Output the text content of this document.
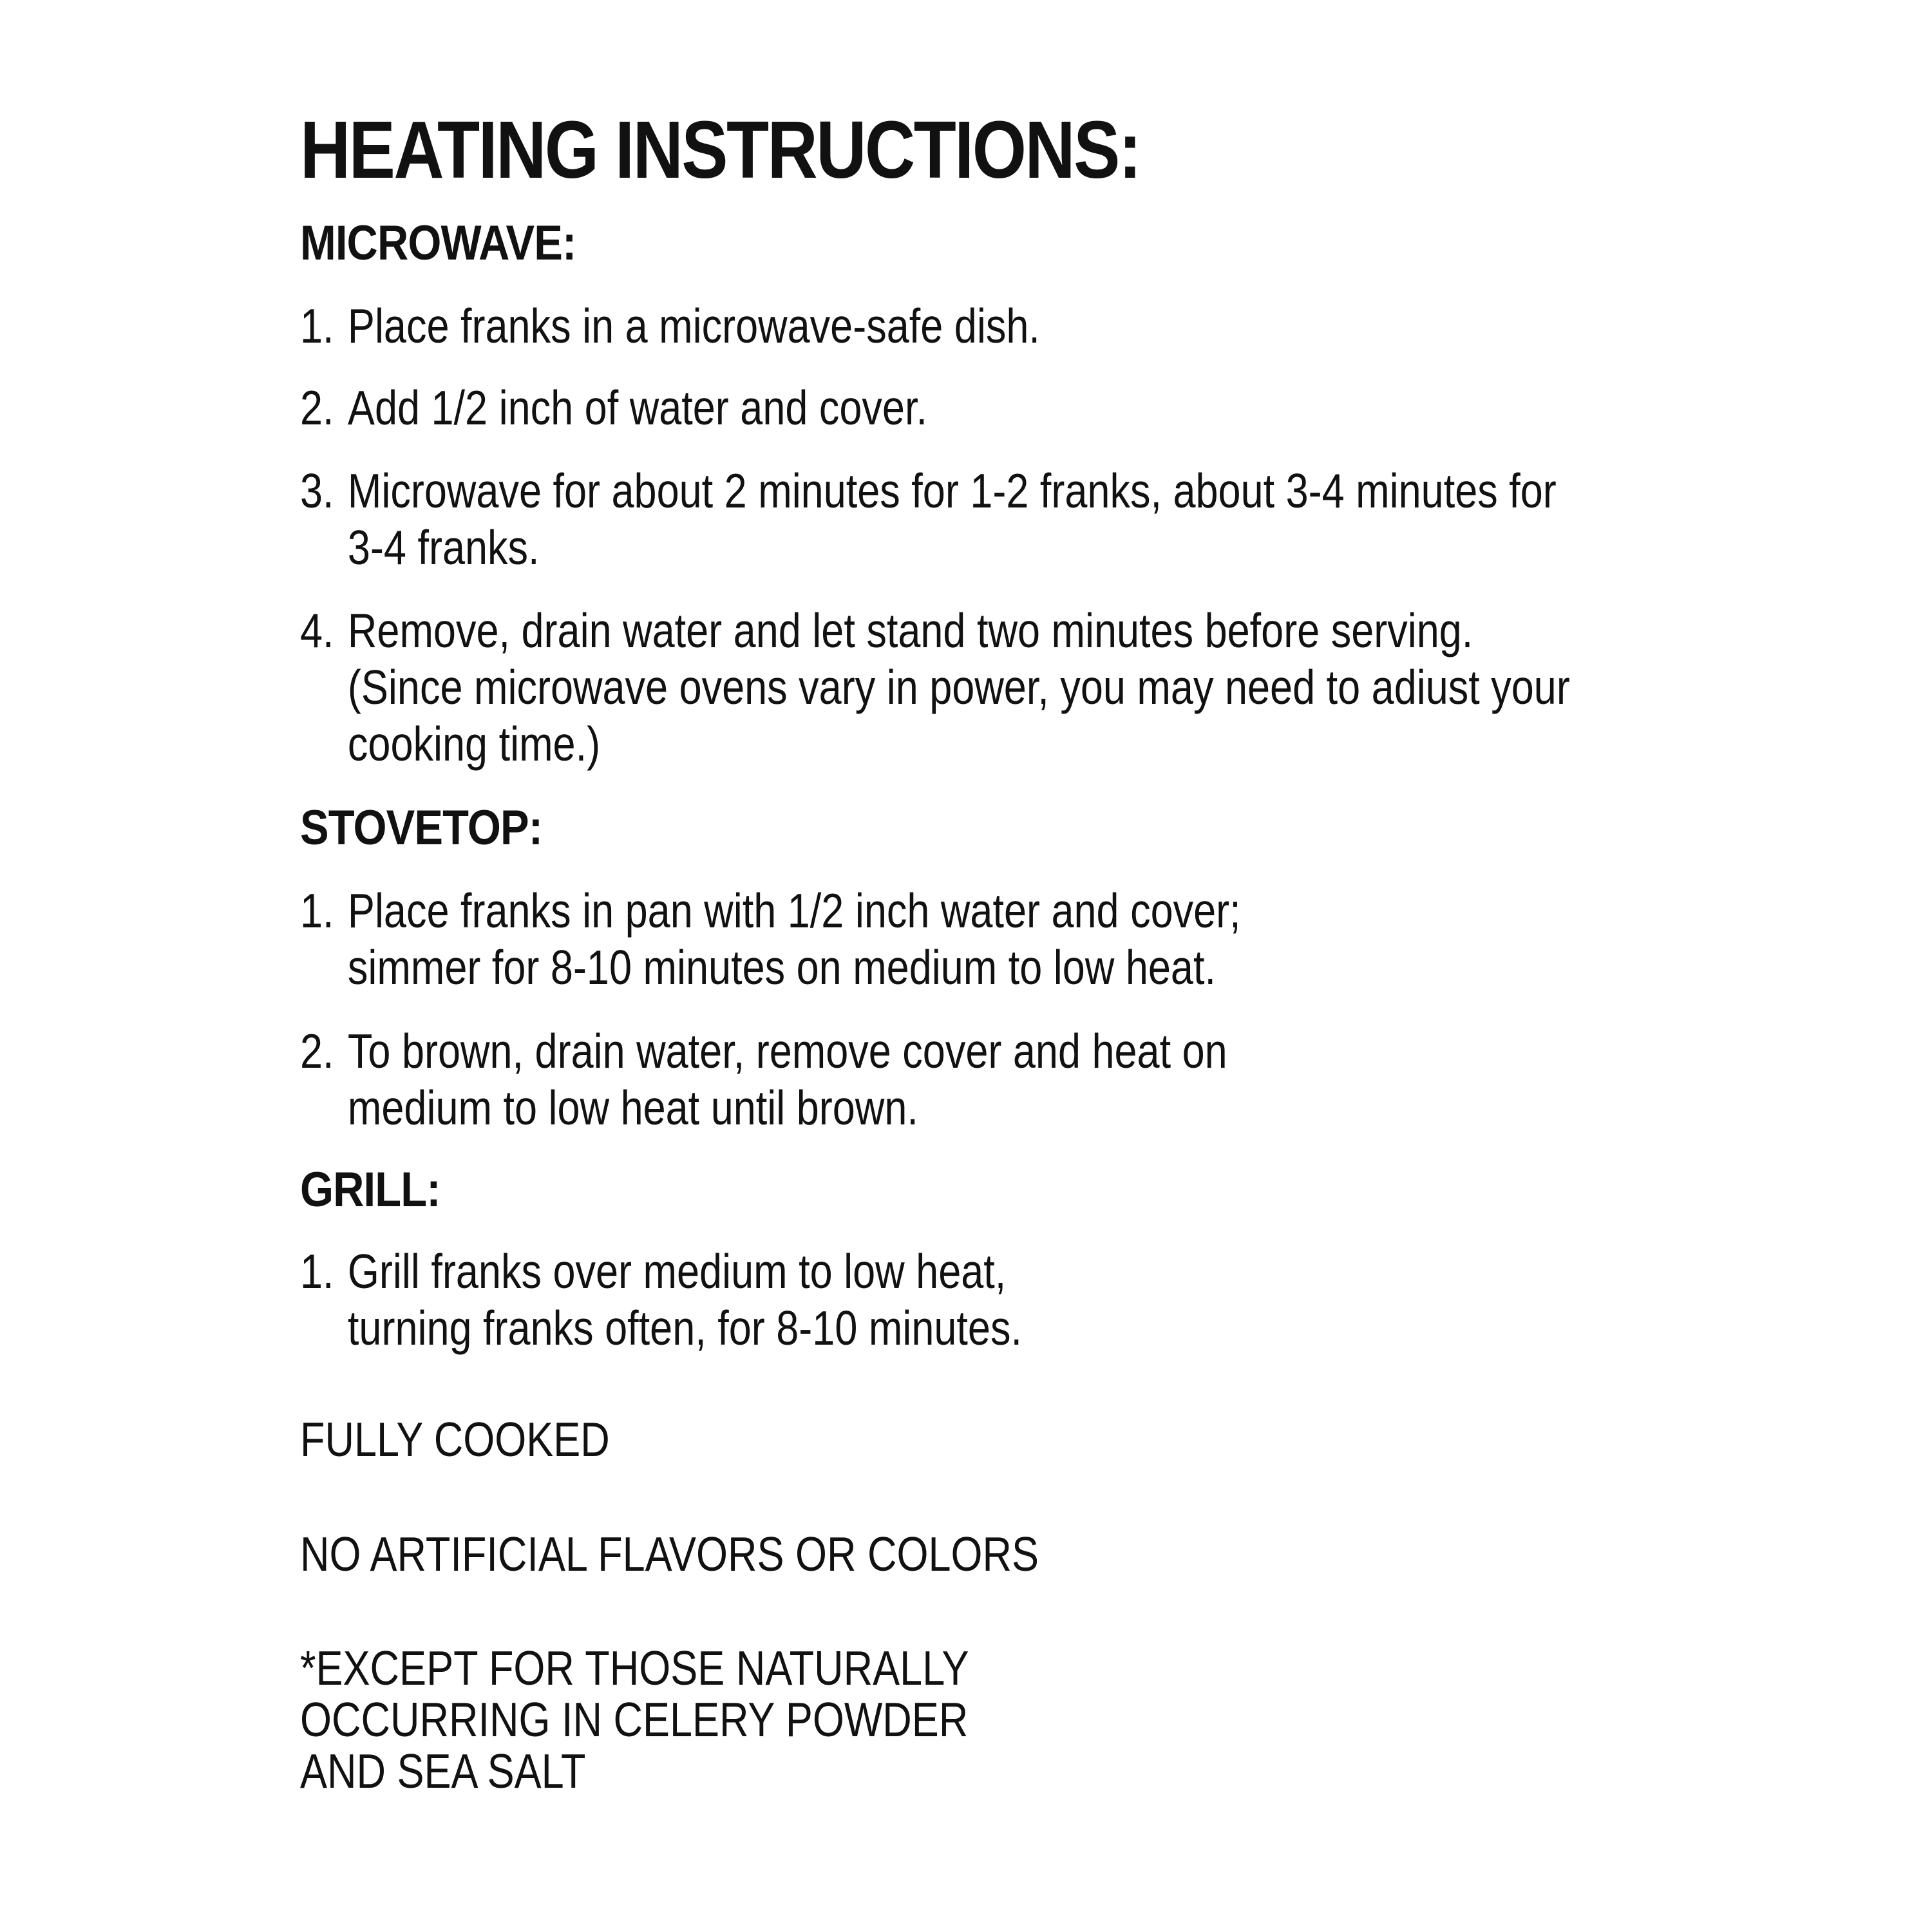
HEATING INSTRUCTIONS:
MICROWAVE:

1. Place franks in a microwave-safe dish.

2. Add 1/2 inch of water and cover.

3. Microwave for about 2 minutes for 1-2 franks, about 3-4 minutes for
3-4 franks.

4. Remove, drain water and let stand two minutes before serving.
(Since microwave ovens vary in power, you may need to adiust your
cooking time.)

STOVETOP:

1. Place franks in pan with 1/2 inch water and cover;
simmer for 8-10 minutes on medium to low heat.

2. To brown, drain water, remove cover and heat on
medium to low heat until brown.

GRILL:

1. Grill franks over medium to low heat,
turning franks often, for 8-10 minutes.

FULLY COOKED

NO ARTIFICIAL FLAVORS OR COLORS

*EXCEPT FOR THOSE NATURALLY
OCCURRING IN CELERY POWDER
AND SEA SALT
